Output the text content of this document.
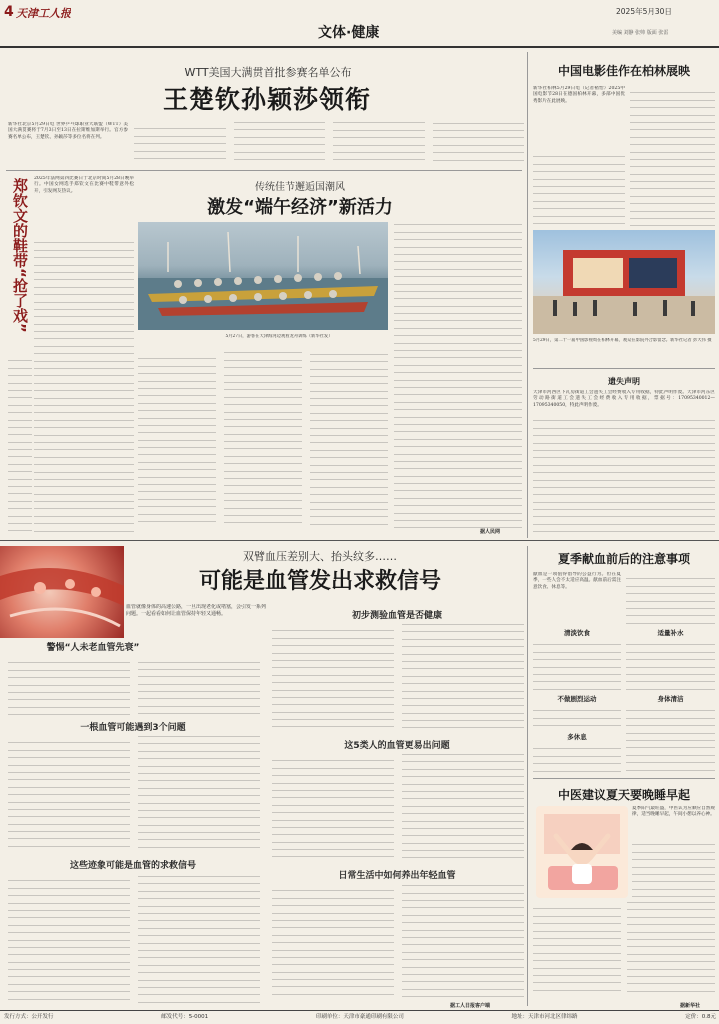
4 天津工人报	2025年5月30日
文体·健康	美编 刘静 张帅 版面 张雷
WTT美国大满贯首批参赛名单公布
王楚钦孙颖莎领衔
新华社北京5月29日电 世界乒乓球职业大联盟（WTT）美国大满贯赛将于7月3日至13日在拉斯维加斯举行。官方参赛名单公布，王楚钦、孙颖莎等多位名将在列。
郑钦文的鞋带“抢了戏” 2025年法网第四比赛日于北京时间5月28日晚举行。中国女网选手郑钦文在比赛中鞋带意外松开，引发网友热议。	传统佳节邂逅国潮风
激发“端午经济”新活力
5月27日，游客在天津海河边观看龙舟训练（新华社发）
据人民网
中国电影佳作在柏林展映
新华社柏林5月29日电（记者褚怡）2025中国电影节28日在德国柏林开幕，多部中国优秀影片在此展映。
5月29日，第二十一届中国影视周在柏林开幕，观众在影院外合影留念。新华社记者 彭大伟 摄
遗失声明
天津市河西区下瓦房街道工会遗失工会经费收入专用收据，特此声明作废。天津市河东区劳动路街道工会遗失工会经费收入专用收据，票据号：17095340012—17095340050，特此声明作废。
双臂血压差别大、抬头纹多……
可能是血管发出求救信号
血管就像身体的高速公路，一旦出现老化或堵塞，会引发一系列问题。一起看看如何让血管保持年轻又通畅。
警惕“人未老血管先衰”
一根血管可能遇到3个问题
这些迹象可能是血管的求救信号
初步测验血管是否健康
这5类人的血管更易出问题
日常生活中如何养出年轻血管
据工人日报客户端
夏季献血前后的注意事项
献血是一项值得倡导的公益行为。但在夏季，一些人会不太适应高温。献血前后需注意饮食、休息等。
清淡饮食	适量补水
不做剧烈运动	身体清洁
多休息
中医建议夏天要晚睡早起
夏季阳气最旺盛，中医认为应顺应自然规律，适当晚睡早起，午间小憩以养心神。
据新华社
发行方式：公开发行	邮发代号：5-0001	印刷单位：天津市豪通印刷有限公司	地址：天津市河北区律纬路	定价：0.8元
